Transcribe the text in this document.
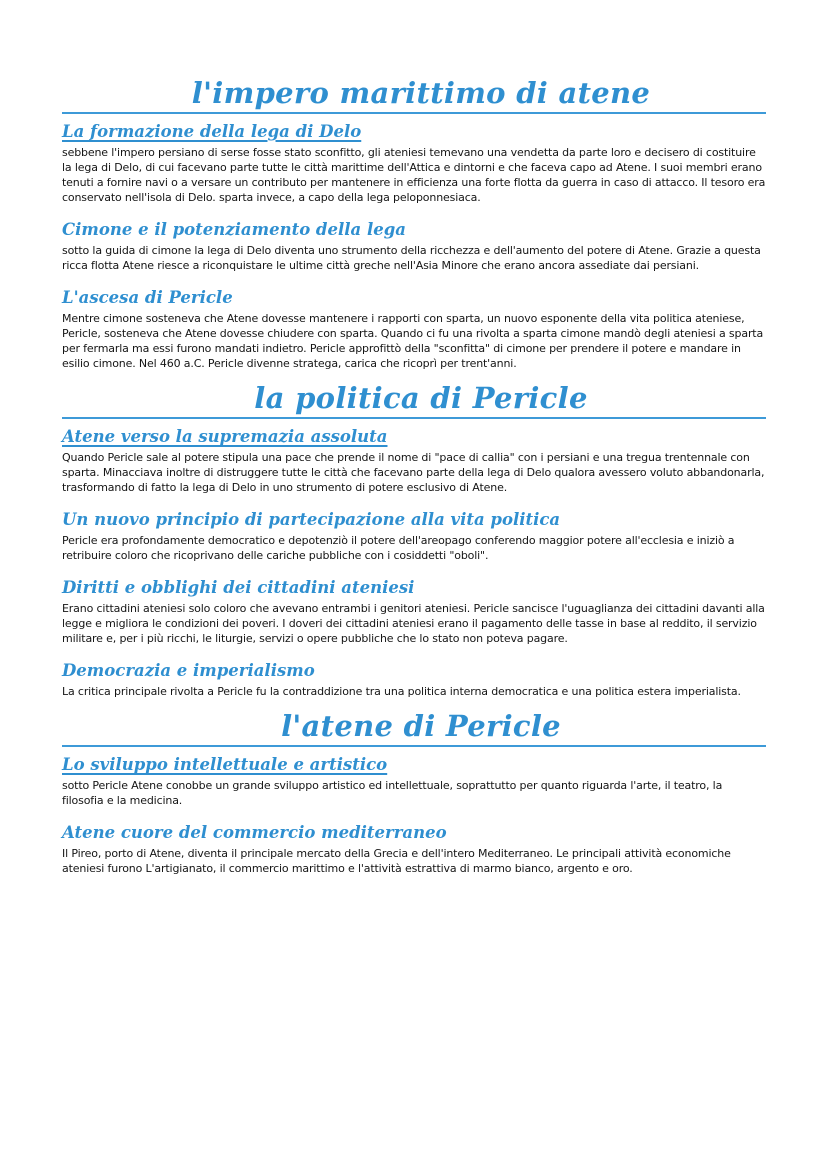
l'impero marittimo di atene
La formazione della lega di Delo

sebbene l'impero persiano di serse fosse stato sconfitto, gli ateniesi temevano una vendetta da parte loro e decisero di costituire la lega di Delo, di cui facevano parte tutte le città marittime dell'Attica e dintorni e che faceva capo ad Atene. I suoi membri erano tenuti a fornire navi o a versare un contributo per mantenere in efficienza una forte flotta da guerra in caso di attacco. Il tesoro era conservato nell'isola di Delo. sparta invece, a capo della lega peloponnesiaca.

Cimone e il potenziamento della lega

sotto la guida di cimone la lega di Delo diventa uno strumento della ricchezza e dell'aumento del potere di Atene. Grazie a questa ricca flotta Atene riesce a riconquistare le ultime città greche nell'Asia Minore che erano ancora assediate dai persiani.

L'ascesa di Pericle

Mentre cimone sosteneva che Atene dovesse mantenere i rapporti con sparta, un nuovo esponente della vita politica ateniese, Pericle, sosteneva che Atene dovesse chiudere con sparta. Quando ci fu una rivolta a sparta cimone mandò degli ateniesi a sparta per fermarla ma essi furono mandati indietro. Pericle approfittò della "sconfitta" di cimone per prendere il potere e mandare in esilio cimone. Nel 460 a.C. Pericle divenne stratega, carica che ricoprì per trent'anni.

la politica di Pericle
Atene verso la supremazia assoluta

Quando Pericle sale al potere stipula una pace che prende il nome di "pace di callia" con i persiani e una tregua trentennale con sparta. Minacciava inoltre di distruggere tutte le città che facevano parte della lega di Delo qualora avessero voluto abbandonarla, trasformando di fatto la lega di Delo in uno strumento di potere esclusivo di Atene.

Un nuovo principio di partecipazione alla vita politica

Pericle era profondamente democratico e depotenziò il potere dell'areopago conferendo maggior potere all'ecclesia e iniziò a retribuire coloro che ricoprivano delle cariche pubbliche con i cosiddetti "oboli".

Diritti e obblighi dei cittadini ateniesi

Erano cittadini ateniesi solo coloro che avevano entrambi i genitori ateniesi. Pericle sancisce l'uguaglianza dei cittadini davanti alla legge e migliora le condizioni dei poveri. I doveri dei cittadini ateniesi erano il pagamento delle tasse in base al reddito, il servizio militare e, per i più ricchi, le liturgie, servizi o opere pubbliche che lo stato non poteva pagare.

Democrazia e imperialismo

La critica principale rivolta a Pericle fu la contraddizione tra una politica interna democratica e una politica estera imperialista.

l'atene di Pericle
Lo sviluppo intellettuale e artistico

sotto Pericle Atene conobbe un grande sviluppo artistico ed intellettuale, soprattutto per quanto riguarda l'arte, il teatro, la filosofia e la medicina.

Atene cuore del commercio mediterraneo

Il Pireo, porto di Atene, diventa il principale mercato della Grecia e dell'intero Mediterraneo. Le principali attività economiche ateniesi furono L'artigianato, il commercio marittimo e l'attività estrattiva di marmo bianco, argento e oro.
